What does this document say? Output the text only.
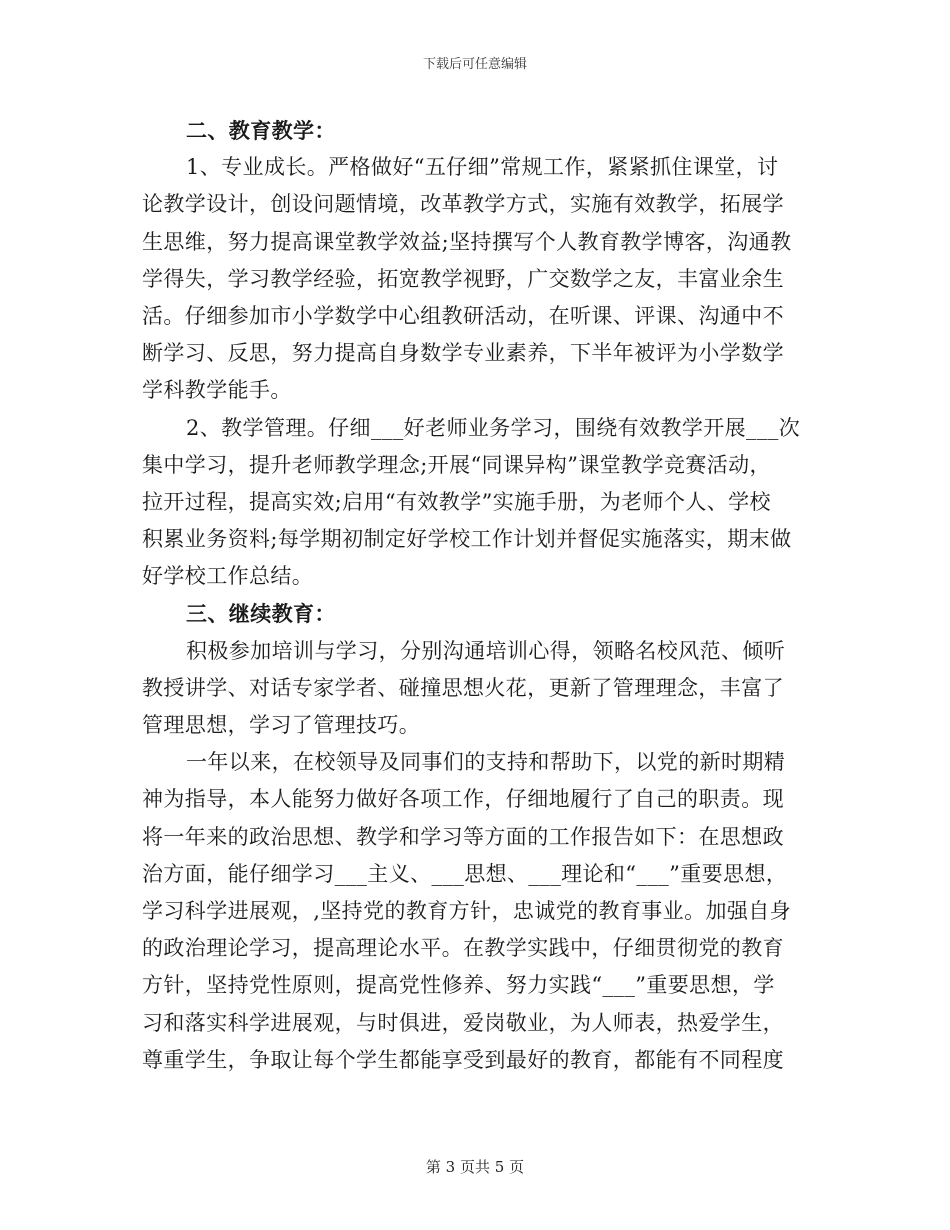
下载后可任意编辑
二、教育教学：
1、专业成长。严格做好“五仔细”常规工作，紧紧抓住课堂，讨
论教学设计，创设问题情境，改革教学方式，实施有效教学，拓展学
生思维，努力提高课堂教学效益;坚持撰写个人教育教学博客，沟通教
学得失，学习教学经验，拓宽教学视野，广交数学之友，丰富业余生
活。仔细参加市小学数学中心组教研活动，在听课、评课、沟通中不
断学习、反思，努力提高自身数学专业素养，下半年被评为小学数学
学科教学能手。
2、教学管理。仔细___好老师业务学习，围绕有效教学开展___次
集中学习，提升老师教学理念;开展“同课异构”课堂教学竞赛活动，
拉开过程，提高实效;启用“有效教学”实施手册，为老师个人、学校
积累业务资料;每学期初制定好学校工作计划并督促实施落实，期末做
好学校工作总结。
三、继续教育：
积极参加培训与学习，分别沟通培训心得，领略名校风范、倾听
教授讲学、对话专家学者、碰撞思想火花，更新了管理理念，丰富了
管理思想，学习了管理技巧。
一年以来，在校领导及同事们的支持和帮助下，以党的新时期精
神为指导，本人能努力做好各项工作，仔细地履行了自己的职责。现
将一年来的政治思想、教学和学习等方面的工作报告如下：在思想政
治方面，能仔细学习___主义、___思想、___理论和“___”重要思想，
学习科学进展观，,坚持党的教育方针，忠诚党的教育事业。加强自身
的政治理论学习，提高理论水平。在教学实践中，仔细贯彻党的教育
方针，坚持党性原则，提高党性修养、努力实践“___”重要思想，学
习和落实科学进展观，与时俱进，爱岗敬业，为人师表，热爱学生，
尊重学生，争取让每个学生都能享受到最好的教育，都能有不同程度
第 3 页共 5 页
